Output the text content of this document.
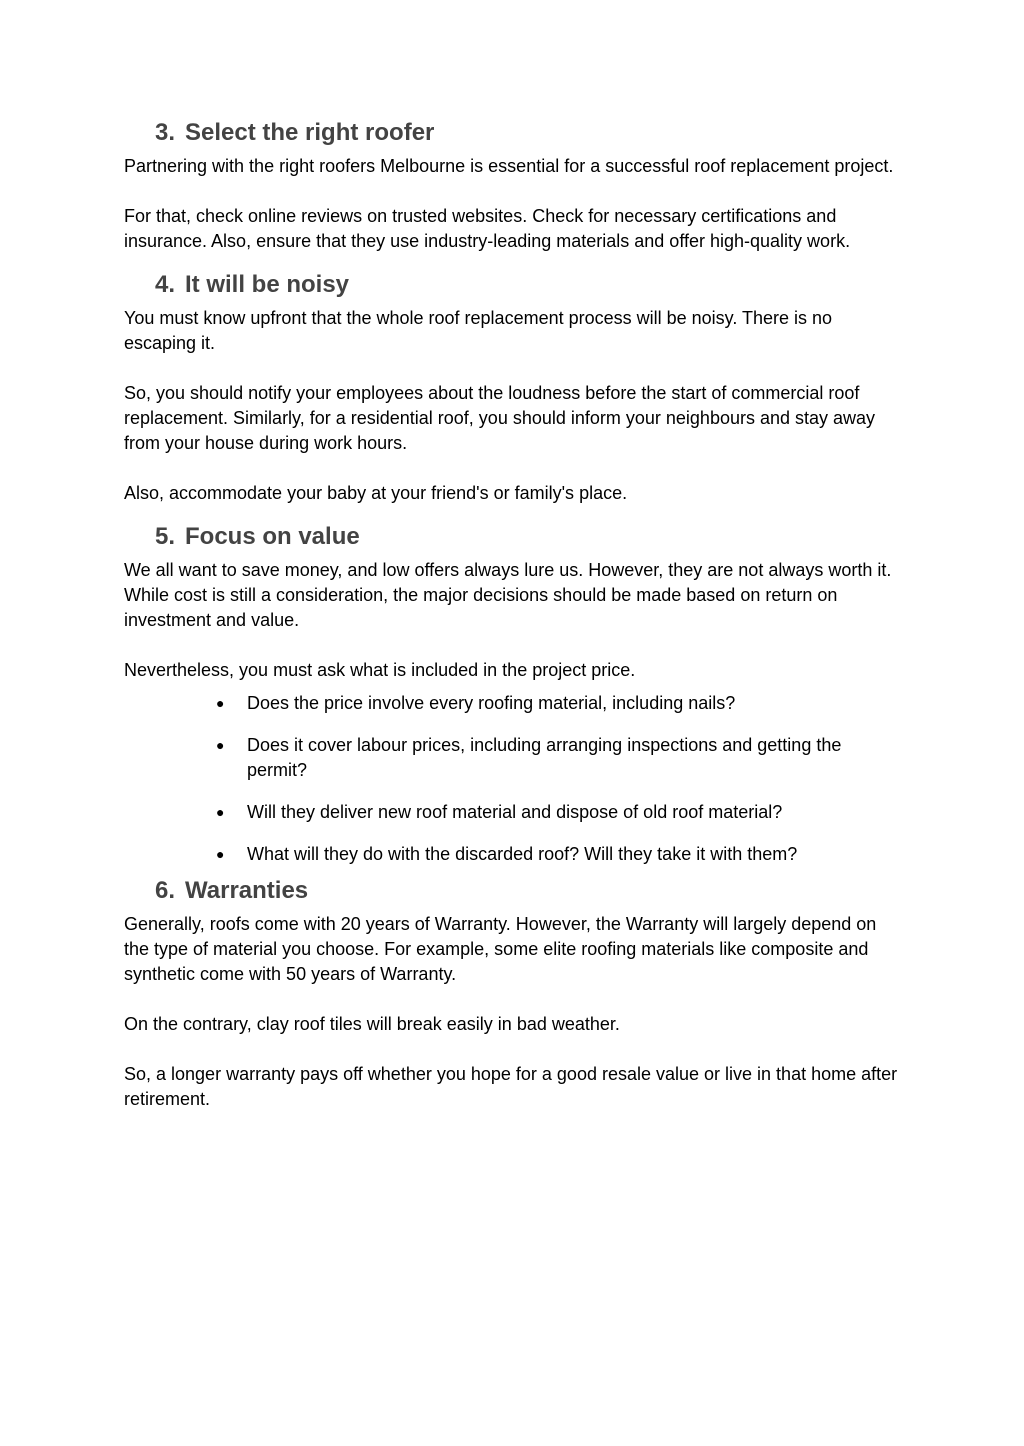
3. Select the right roofer

Partnering with the right roofers Melbourne is essential for a successful roof replacement project.

For that, check online reviews on trusted websites. Check for necessary certifications and insurance. Also, ensure that they use industry-leading materials and offer high-quality work.

4. It will be noisy

You must know upfront that the whole roof replacement process will be noisy. There is no escaping it.

So, you should notify your employees about the loudness before the start of commercial roof replacement. Similarly, for a residential roof, you should inform your neighbours and stay away from your house during work hours.

Also, accommodate your baby at your friend's or family's place.

5. Focus on value

We all want to save money, and low offers always lure us. However, they are not always worth it. While cost is still a consideration, the major decisions should be made based on return on investment and value.

Nevertheless, you must ask what is included in the project price.

●	Does the price involve every roofing material, including nails?
●	Does it cover labour prices, including arranging inspections and getting the permit?
●	Will they deliver new roof material and dispose of old roof material?
●	What will they do with the discarded roof? Will they take it with them?
6. Warranties

Generally, roofs come with 20 years of Warranty. However, the Warranty will largely depend on the type of material you choose. For example, some elite roofing materials like composite and synthetic come with 50 years of Warranty.

On the contrary, clay roof tiles will break easily in bad weather.

So, a longer warranty pays off whether you hope for a good resale value or live in that home after retirement.
